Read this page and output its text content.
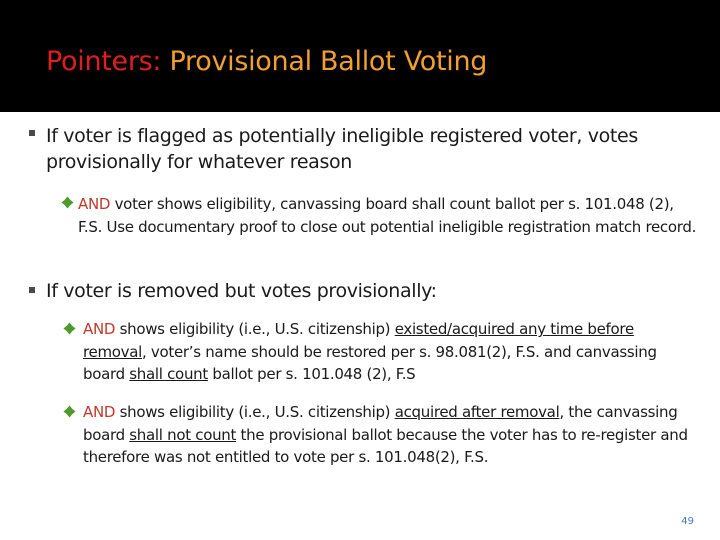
Pointers: Provisional Ballot Voting
If voter is flagged as potentially ineligible registered voter, votes provisionally for whatever reason
AND voter shows eligibility, canvassing board shall count ballot per s. 101.048 (2), F.S. Use documentary proof to close out potential ineligible registration match record.
If voter is removed but votes provisionally:
AND shows eligibility (i.e., U.S. citizenship) existed/acquired any time before removal, voter’s name should be restored per s. 98.081(2), F.S. and canvassing board shall count ballot per s. 101.048 (2), F.S
AND shows eligibility (i.e., U.S. citizenship) acquired after removal, the canvassing board shall not count the provisional ballot because the voter has to re-register and therefore was not entitled to vote per s. 101.048(2), F.S.
49
